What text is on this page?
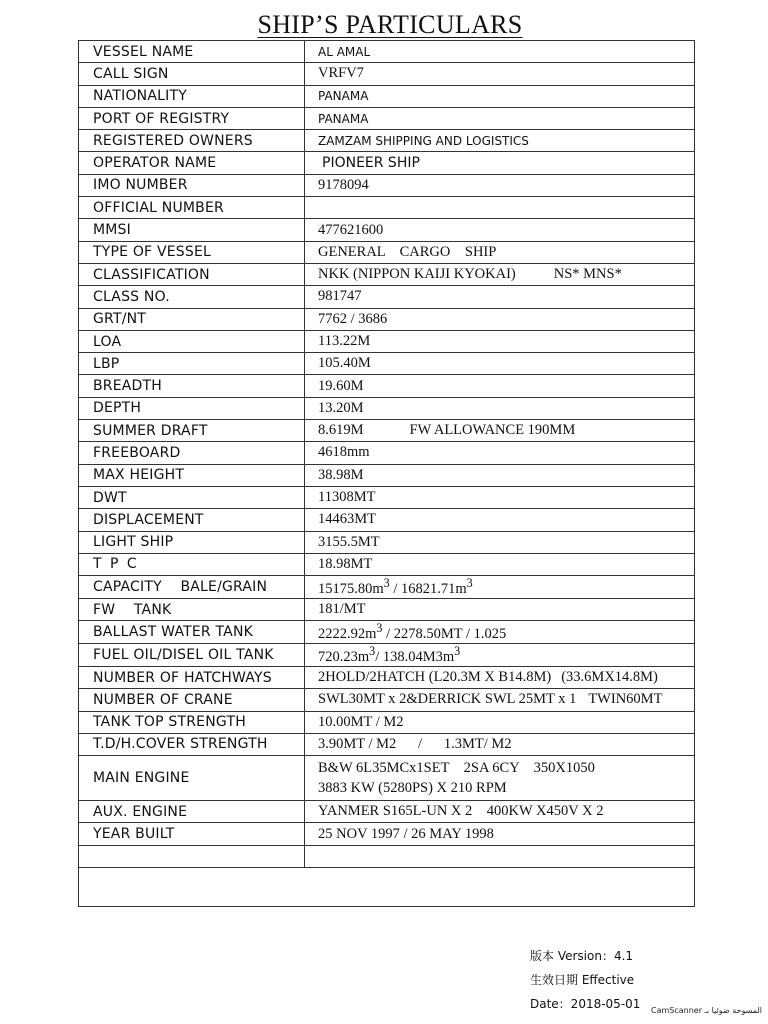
SHIP’S PARTICULARS
VESSEL NAME	AL AMAL
CALL SIGN	VRFV7
NATIONALITY	PANAMA
PORT OF REGISTRY	PANAMA
REGISTERED OWNERS	ZAMZAM SHIPPING AND LOGISTICS
OPERATOR NAME	PIONEER SHIP
IMO NUMBER	9178094
OFFICIAL NUMBER	
MMSI	477621600
TYPE OF VESSEL	GENERAL    CARGO    SHIP
CLASSIFICATION	NKK (NIPPON KAIJI KYOKAI) NS* MNS*
CLASS NO.	981747
GRT/NT	7762 / 3686
LOA	113.22M
LBP	105.40M
BREADTH	19.60M
DEPTH	13.20M
SUMMER DRAFT	8.619M FW ALLOWANCE 190MM
FREEBOARD	4618mm
MAX HEIGHT	38.98M
DWT	11308MT
DISPLACEMENT	14463MT
LIGHT SHIP	3155.5MT
T P C	18.98MT
CAPACITY    BALE/GRAIN	$15175.80m^3 / 16821.71m^3$
FW    TANK	181/MT
BALLAST WATER TANK	$2222.92m^3 / 2278.50MT / 1.025$
FUEL OIL/DISEL OIL TANK	$720.23m^3/$ $138.04M3m^3$
NUMBER OF HATCHWAYS	2HOLD/2HATCH (L20.3M X B14.8M) (33.6MX14.8M)
NUMBER OF CRANE	SWL30MT x 2&DERRICK SWL 25MT x 1 TWIN60MT
TANK TOP STRENGTH	10.00MT / M2
T.D/H.COVER STRENGTH	3.90MT / M2      /      1.3MT/ M2
MAIN ENGINE	B&W 6L35MCx1SET    2SA 6CY    350X1050
3883 KW (5280PS) X 210 RPM

AUX. ENGINE	YANMER S165L-UN X 2    400KW X450V X 2
YEAR BUILT	25 NOV 1997 / 26 MAY 1998

版本 Version：4.1
生效日期 Effective
Date：2018-05-01 CamScanner المسوحة ضوئيا بـ
